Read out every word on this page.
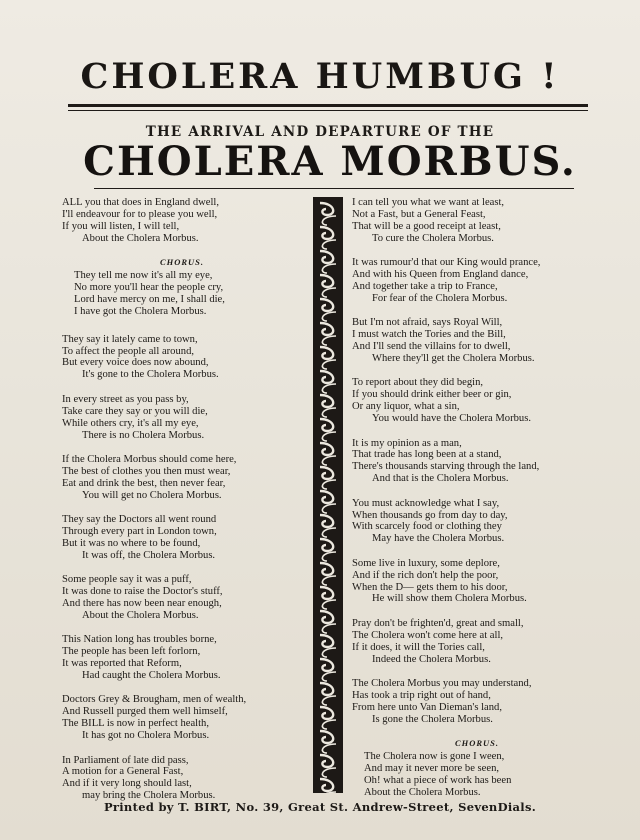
CHOLERA HUMBUG !
THE ARRIVAL AND DEPARTURE OF THE
CHOLERA MORBUS.
ALL you that does in England dwell,
I'll endeavour for to please you well,
If you will listen, I will tell,
About the Cholera Morbus.
CHORUS.
They tell me now it's all my eye,
No more you'll hear the people cry,
Lord have mercy on me, I shall die,
I have got the Cholera Morbus.
They say it lately came to town,
To affect the people all around,
But every voice does now abound,
It's gone to the Cholera Morbus.
In every street as you pass by,
Take care they say or you will die,
While others cry, it's all my eye,
There is no Cholera Morbus.
If the Cholera Morbus should come here,
The best of clothes you then must wear,
Eat and drink the best, then never fear,
You will get no Cholera Morbus.
They say the Doctors all went round
Through every part in London town,
But it was no where to be found,
It was off, the Cholera Morbus.
Some people say it was a puff,
It was done to raise the Doctor's stuff,
And there has now been near enough,
About the Cholera Morbus.
This Nation long has troubles borne,
The people has been left forlorn,
It was reported that Reform,
Had caught the Cholera Morbus.
Doctors Grey & Brougham, men of wealth,
And Russell purged them well himself,
The BILL is now in perfect health,
It has got no Cholera Morbus.
In Parliament of late did pass,
A motion for a General Fast,
And if it very long should last,
may bring the Cholera Morbus.
I can tell you what we want at least,
Not a Fast, but a General Feast,
That will be a good receipt at least,
To cure the Cholera Morbus.
It was rumour'd that our King would prance,
And with his Queen from England dance,
And together take a trip to France,
For fear of the Cholera Morbus.
But I'm not afraid, says Royal Will,
I must watch the Tories and the Bill,
And I'll send the villains for to dwell,
Where they'll get the Cholera Morbus.
To report about they did begin,
If you should drink either beer or gin,
Or any liquor, what a sin,
You would have the Cholera Morbus.
It is my opinion as a man,
That trade has long been at a stand,
There's thousands starving through the land,
And that is the Cholera Morbus.
You must acknowledge what I say,
When thousands go from day to day,
With scarcely food or clothing they
May have the Cholera Morbus.
Some live in luxury, some deplore,
And if the rich don't help the poor,
When the D— gets them to his door,
He will show them Cholera Morbus.
Pray don't be frighten'd, great and small,
The Cholera won't come here at all,
If it does, it will the Tories call,
Indeed the Cholera Morbus.
The Cholera Morbus you may understand,
Has took a trip right out of hand,
From here unto Van Dieman's land,
Is gone the Cholera Morbus.
CHORUS.
The Cholera now is gone I ween,
And may it never more be seen,
Oh! what a piece of work has been
About the Cholera Morbus.
Printed by T. BIRT, No. 39, Great St. Andrew-Street, SevenDials.
